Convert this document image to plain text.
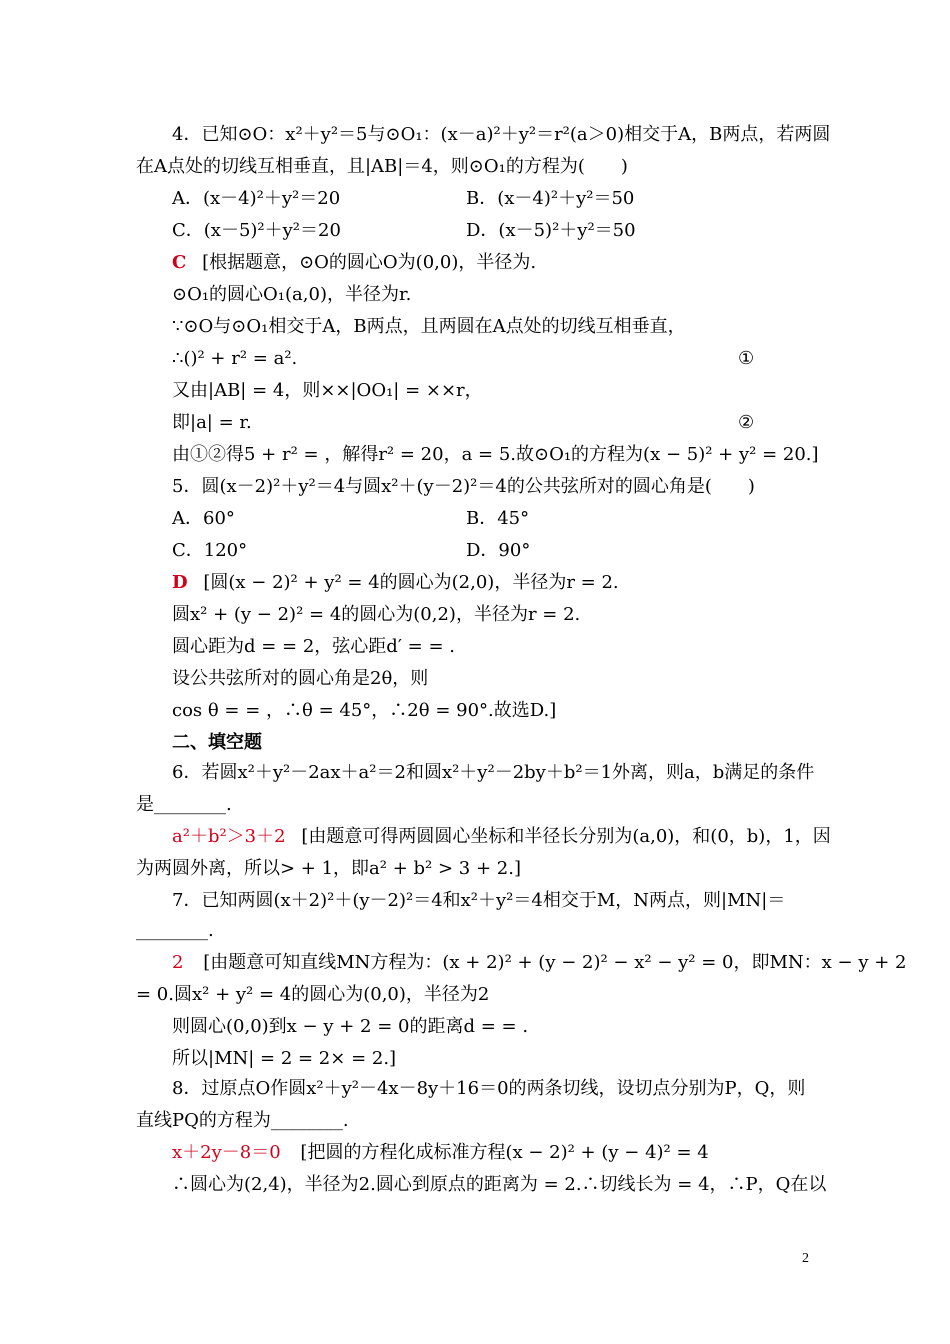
4．已知⊙O：x²＋y²＝5与⊙O₁：(x－a)²＋y²＝r²(a＞0)相交于A，B两点，若两圆
在A点处的切线互相垂直，且|AB|＝4，则⊙O₁的方程为(　　)
A．(x－4)²＋y²＝20	B．(x－4)²＋y²＝50
C．(x－5)²＋y²＝20	D．(x－5)²＋y²＝50
C [根据题意，⊙O的圆心O为(0,0)，半径为.
⊙O₁的圆心O₁(a,0)，半径为r.
∵⊙O与⊙O₁相交于A，B两点，且两圆在A点处的切线互相垂直，
∴()² + r² = a².	①
又由|AB| = 4，则××|OO₁| = ××r，
即|a| = r.	②
由①②得5 + r² = ，解得r² = 20，a = 5.故⊙O₁的方程为(x − 5)² + y² = 20.]
5．圆(x－2)²＋y²＝4与圆x²＋(y－2)²＝4的公共弦所对的圆心角是(　　)
A．60°	B．45°
C．120°	D．90°
D [圆(x − 2)² + y² = 4的圆心为(2,0)，半径为r = 2.
圆x² + (y − 2)² = 4的圆心为(0,2)，半径为r = 2.
圆心距为d = = 2，弦心距d′ = = .
设公共弦所对的圆心角是2θ，则
cos θ = = ，∴θ = 45°，∴2θ = 90°.故选D.]
二、填空题
6．若圆x²＋y²－2ax＋a²＝2和圆x²＋y²－2by＋b²＝1外离，则a，b满足的条件
是________.
a²＋b²＞3＋2 [由题意可得两圆圆心坐标和半径长分别为(a,0)，和(0，b)，1，因
为两圆外离，所以> + 1，即a² + b² > 3 + 2.]
7．已知两圆(x＋2)²＋(y－2)²＝4和x²＋y²＝4相交于M，N两点，则|MN|＝
________.
2 [由题意可知直线MN方程为：(x + 2)² + (y − 2)² − x² − y² = 0，即MN：x − y + 2
= 0.圆x² + y² = 4的圆心为(0,0)，半径为2
则圆心(0,0)到x − y + 2 = 0的距离d = = .
所以|MN| = 2 = 2× = 2.]
8．过原点O作圆x²＋y²－4x－8y＋16＝0的两条切线，设切点分别为P，Q，则
直线PQ的方程为________.
x＋2y－8＝0 [把圆的方程化成标准方程(x − 2)² + (y − 4)² = 4
∴圆心为(2,4)，半径为2.圆心到原点的距离为 = 2.∴切线长为 = 4，∴P，Q在以
2
